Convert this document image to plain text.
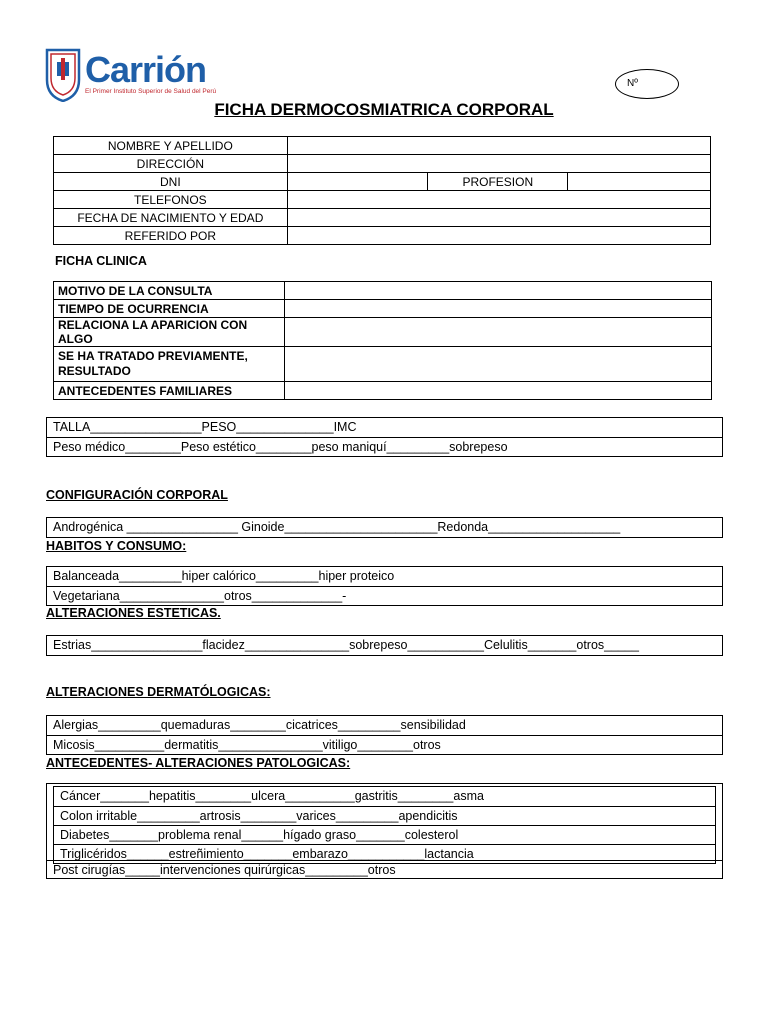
Carrión
El Primer Instituto Superior de Salud del Perú
Nº
FICHA DERMOCOSMIATRICA CORPORAL
NOMBRE Y APELLIDO			
DIRECCIÓN			
DNI		PROFESION	
TELEFONOS			
FECHA DE NACIMIENTO Y EDAD			
REFERIDO POR			
FICHA CLINICA
MOTIVO DE LA CONSULTA	
TIEMPO DE OCURRENCIA	
RELACIONA LA APARICION CON ALGO	
SE HA TRATADO PREVIAMENTE, RESULTADO	
ANTECEDENTES FAMILIARES	
TALLA________________PESO______________IMC
Peso médico________Peso estético________peso maniquí_________sobrepeso
CONFIGURACIÓN CORPORAL
Androgénica ________________ Ginoide______________________Redonda___________________
HABITOS Y CONSUMO:
Balanceada_________hiper calórico_________hiper proteico
Vegetariana_______________otros_____________-
ALTERACIONES ESTETICAS.
Estrias________________flacidez_______________sobrepeso___________Celulitis_______otros_____
ALTERACIONES DERMATÓLOGICAS:
Alergias_________quemaduras________cicatrices_________sensibilidad
Micosis__________dermatitis_______________vitiligo________otros
ANTECEDENTES- ALTERACIONES PATOLOGICAS:
Cáncer_______hepatitis________ulcera__________gastritis________asma
Colon irritable_________artrosis________varices_________apendicitis
Diabetes_______problema renal______hígado graso_______colesterol
Triglicéridos______estreñimiento_______embarazo___________lactancia
Post cirugías_____intervenciones quirúrgicas_________otros
